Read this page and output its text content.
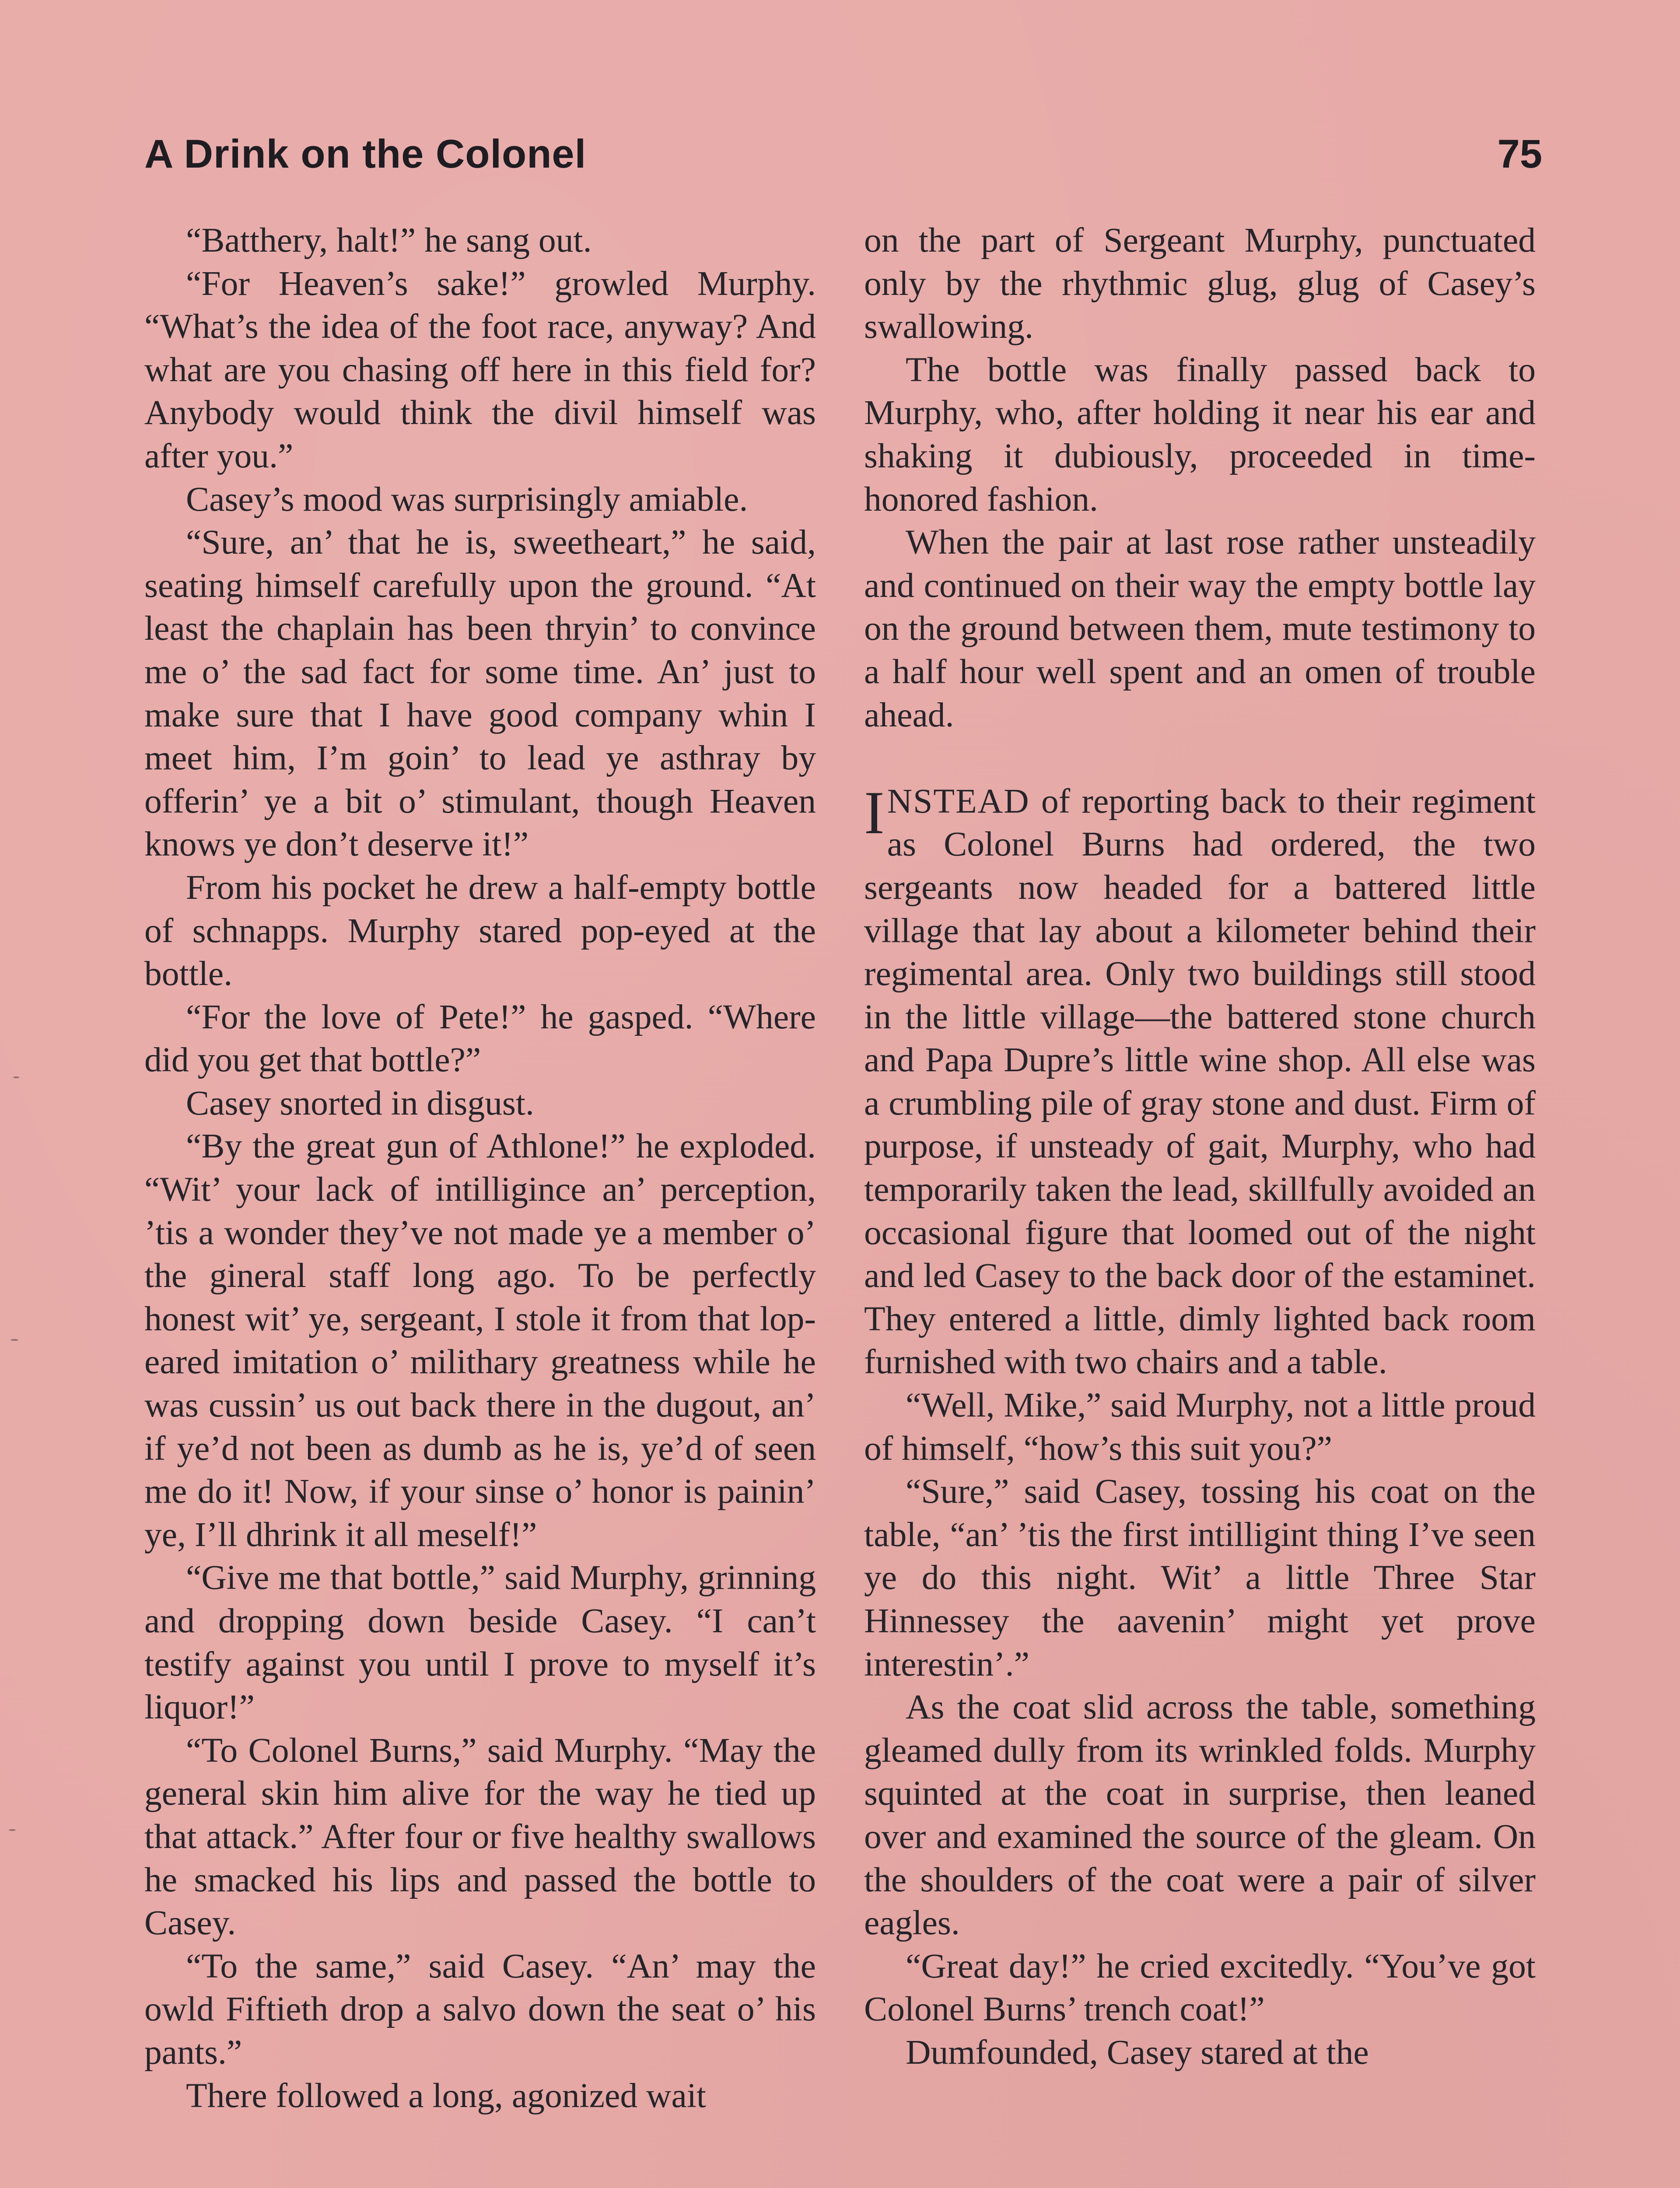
A Drink on the Colonel	75

“Batthery, halt!” he sang out.

“For Heaven’s sake!” growled Murphy. “What’s the idea of the foot race, anyway? And what are you chasing off here in this field for? Anybody would think the divil himself was after you.”

Casey’s mood was surprisingly amiable.

“Sure, an’ that he is, sweetheart,” he said, seating himself carefully upon the ground. “At least the chaplain has been thryin’ to convince me o’ the sad fact for some time. An’ just to make sure that I have good company whin I meet him, I’m goin’ to lead ye asthray by offerin’ ye a bit o’ stimulant, though Heaven knows ye don’t deserve it!”

From his pocket he drew a half-empty bottle of schnapps. Murphy stared pop-eyed at the bottle.

“For the love of Pete!” he gasped. “Where did you get that bottle?”

Casey snorted in disgust.

“By the great gun of Athlone!” he exploded. “Wit’ your lack of intilligince an’ perception, ’tis a wonder they’ve not made ye a member o’ the gineral staff long ago. To be perfectly honest wit’ ye, sergeant, I stole it from that lop-eared imitation o’ milithary greatness while he was cussin’ us out back there in the dugout, an’ if ye’d not been as dumb as he is, ye’d of seen me do it! Now, if your sinse o’ honor is painin’ ye, I’ll dhrink it all meself!”

“Give me that bottle,” said Murphy, grinning and dropping down beside Casey. “I can’t testify against you until I prove to myself it’s liquor!”

“To Colonel Burns,” said Murphy. “May the general skin him alive for the way he tied up that attack.” After four or five healthy swallows he smacked his lips and passed the bottle to Casey.

“To the same,” said Casey. “An’ may the owld Fiftieth drop a salvo down the seat o’ his pants.”

There followed a long, agonized wait

on the part of Sergeant Murphy, punctuated only by the rhythmic glug, glug of Casey’s swallowing.

The bottle was finally passed back to Murphy, who, after holding it near his ear and shaking it dubiously, proceeded in time-honored fashion.

When the pair at last rose rather unsteadily and continued on their way the empty bottle lay on the ground between them, mute testimony to a half hour well spent and an omen of trouble ahead.

INSTEAD of reporting back to their regiment as Colonel Burns had ordered, the two sergeants now headed for a battered little village that lay about a kilometer behind their regimental area. Only two buildings still stood in the little village—the battered stone church and Papa Dupre’s little wine shop. All else was a crumbling pile of gray stone and dust. Firm of purpose, if unsteady of gait, Murphy, who had temporarily taken the lead, skillfully avoided an occasional figure that loomed out of the night and led Casey to the back door of the estaminet. They entered a little, dimly lighted back room furnished with two chairs and a table.

“Well, Mike,” said Murphy, not a little proud of himself, “how’s this suit you?”

“Sure,” said Casey, tossing his coat on the table, “an’ ’tis the first intilligint thing I’ve seen ye do this night. Wit’ a little Three Star Hinnessey the aavenin’ might yet prove interestin’.”

As the coat slid across the table, something gleamed dully from its wrinkled folds. Murphy squinted at the coat in surprise, then leaned over and examined the source of the gleam. On the shoulders of the coat were a pair of silver eagles.

“Great day!” he cried excitedly. “You’ve got Colonel Burns’ trench coat!”

Dumfounded, Casey stared at the
